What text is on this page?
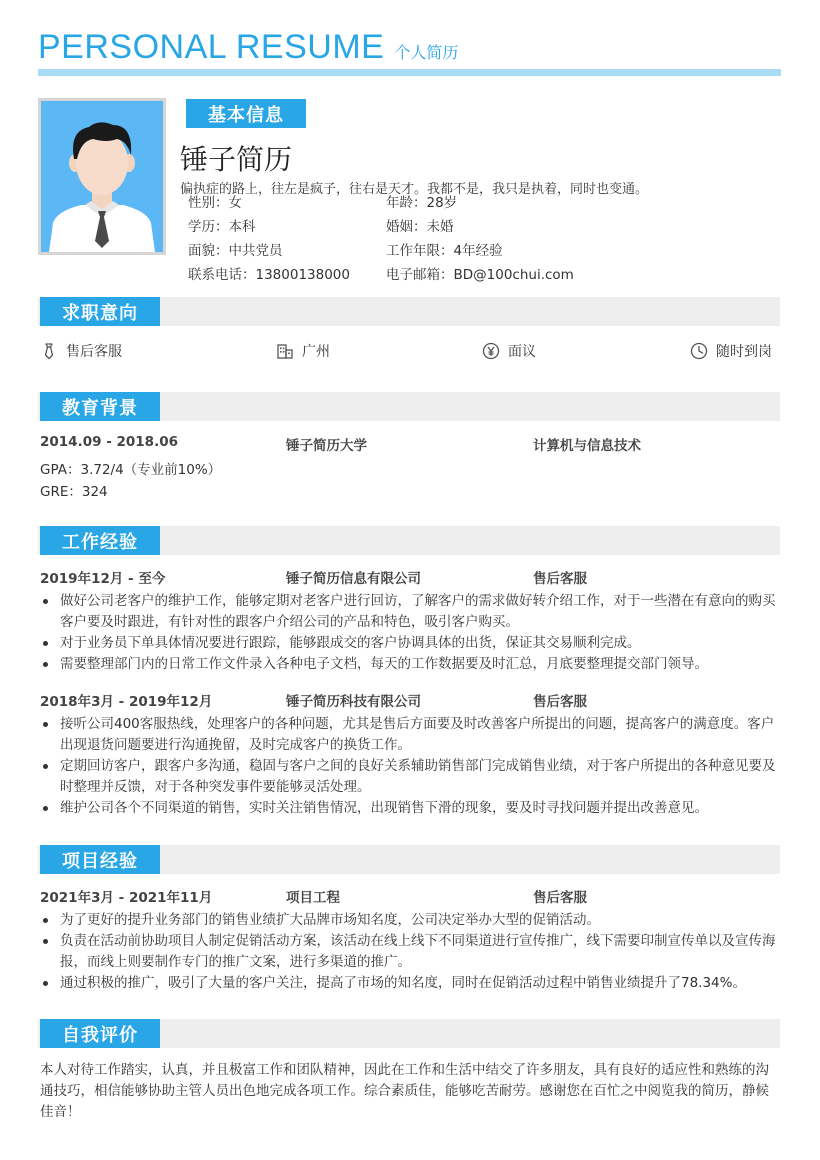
PERSONAL RESUME 个人简历
基本信息
锤子简历
偏执症的路上，往左是疯子，往右是天才。我都不是，我只是执着，同时也变通。
性别：女	年龄：28岁
学历：本科	婚姻：未婚
面貌：中共党员	工作年限：4年经验
联系电话：13800138000	电子邮箱：BD@100chui.com
求职意向
售后客服	广州	面议	随时到岗
教育背景
2014.09 - 2018.06	锤子简历大学	计算机与信息技术
GPA：3.72/4（专业前10%）
GRE：324
工作经验
2019年12月 - 至今	锤子简历信息有限公司	售后客服
做好公司老客户的维护工作，能够定期对老客户进行回访，了解客户的需求做好转介绍工作，对于一些潜在有意向的购买客户要及时跟进，有针对性的跟客户介绍公司的产品和特色，吸引客户购买。
对于业务员下单具体情况要进行跟踪，能够跟成交的客户协调具体的出货，保证其交易顺利完成。
需要整理部门内的日常工作文件录入各种电子文档，每天的工作数据要及时汇总，月底要整理提交部门领导。
2018年3月 - 2019年12月	锤子简历科技有限公司	售后客服
接听公司400客服热线，处理客户的各种问题，尤其是售后方面要及时改善客户所提出的问题，提高客户的满意度。客户出现退货问题要进行沟通挽留，及时完成客户的换货工作。
定期回访客户，跟客户多沟通，稳固与客户之间的良好关系辅助销售部门完成销售业绩，对于客户所提出的各种意见要及时整理并反馈，对于各种突发事件要能够灵活处理。
维护公司各个不同渠道的销售，实时关注销售情况，出现销售下滑的现象，要及时寻找问题并提出改善意见。
项目经验
2021年3月 - 2021年11月	项目工程	售后客服
为了更好的提升业务部门的销售业绩扩大品牌市场知名度，公司决定举办大型的促销活动。
负责在活动前协助项目人制定促销活动方案，该活动在线上线下不同渠道进行宣传推广，线下需要印制宣传单以及宣传海报，而线上则要制作专门的推广文案，进行多渠道的推广。
通过积极的推广，吸引了大量的客户关注，提高了市场的知名度，同时在促销活动过程中销售业绩提升了78.34%。
自我评价
本人对待工作踏实，认真，并且极富工作和团队精神，因此在工作和生活中结交了许多朋友，具有良好的适应性和熟练的沟通技巧，相信能够协助主管人员出色地完成各项工作。综合素质佳，能够吃苦耐劳。感谢您在百忙之中阅览我的简历，静候佳音！
